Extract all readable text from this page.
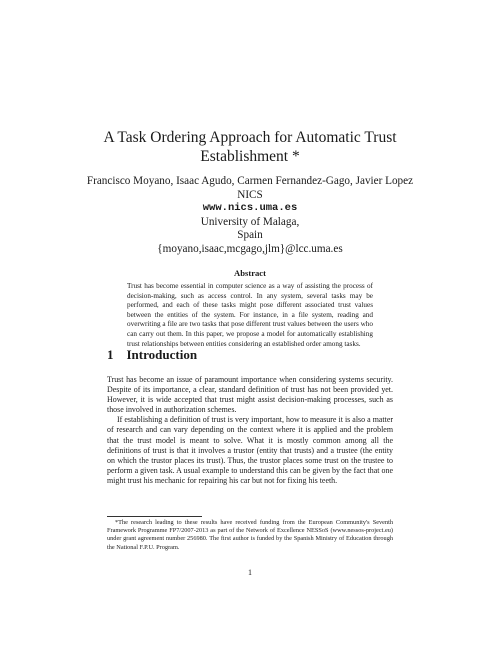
A Task Ordering Approach for Automatic Trust
Establishment *
Francisco Moyano, Isaac Agudo, Carmen Fernandez-Gago, Javier Lopez
NICS
www.nics.uma.es
University of Malaga,
Spain
{moyano,isaac,mcgago,jlm}@lcc.uma.es
Abstract

Trust has become essential in computer science as a way of assisting the process of decision-making, such as access control. In any system, several tasks may be performed, and each of these tasks might pose different associated trust values between the entities of the system. For instance, in a file system, reading and overwriting a file are two tasks that pose different trust values between the users who can carry out them. In this paper, we propose a model for automatically establishing trust relationships between entities considering an established order among tasks.

1 Introduction

Trust has become an issue of paramount importance when considering systems security. Despite of its importance, a clear, standard definition of trust has not been provided yet. However, it is wide accepted that trust might assist decision-making processes, such as those involved in authorization schemes.

If establishing a definition of trust is very important, how to measure it is also a matter of research and can vary depending on the context where it is applied and the problem that the trust model is meant to solve. What it is mostly common among all the definitions of trust is that it involves a trustor (entity that trusts) and a trustee (the entity on which the trustor places its trust). Thus, the trustor places some trust on the trustee to perform a given task. A usual example to understand this can be given by the fact that one might trust his mechanic for repairing his car but not for fixing his teeth.

*The research leading to these results have received funding from the European Community's Seventh Framework Programme FP7/2007-2013 as part of the Network of Excellence NESSoS (www.nessos-project.eu) under grant agreement number 256980. The first author is funded by the Spanish Ministry of Education through the National F.P.U. Program.

1
